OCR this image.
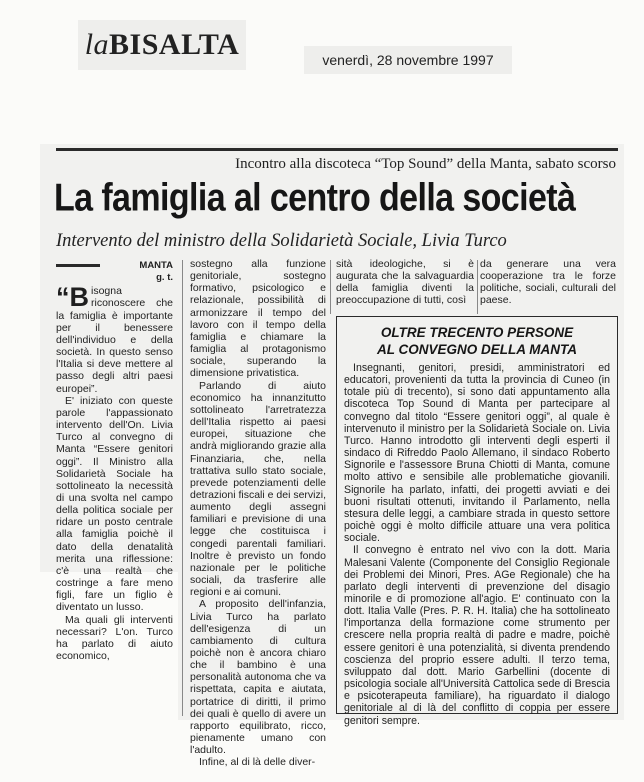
laBISALTA	venerdì, 28 novembre 1997
Incontro alla discoteca “Top Sound” della Manta, sabato scorso
La famiglia al centro della società
Intervento del ministro della Solidarietà Sociale, Livia Turco
MANTA
g. t.

“Bisogna riconoscere che la famiglia è importante per il benessere dell'individuo e della società. In questo senso l'Italia si deve mettere al passo degli altri paesi europei”.

E' iniziato con queste parole l'appassionato intervento dell'On. Livia Turco al convegno di Manta “Essere genitori oggi”. Il Ministro alla Solidarietà Sociale ha sottolineato la necessità di una svolta nel campo della politica sociale per ridare un posto centrale alla famiglia poichè il dato della denatalità merita una riflessione: c'è una realtà che costringe a fare meno figli, fare un figlio è diventato un lusso.

Ma quali gli interventi necessari? L'on. Turco ha parlato di aiuto economico,

sostegno alla funzione genitoriale, sostegno formativo, psicologico e relazionale, possibilità di armonizzare il tempo del lavoro con il tempo della famiglia e chiamare la famiglia al protagonismo sociale, superando la dimensione privatistica.

Parlando di aiuto economico ha innanzitutto sottolineato l'arretratezza dell'Italia rispetto ai paesi europei, situazione che andrà migliorando grazie alla Finanziaria, che, nella trattativa sullo stato sociale, prevede potenziamenti delle detrazioni fiscali e dei servizi, aumento degli assegni familiari e previsione di una legge che costituisca i congedi parentali familiari. Inoltre è previsto un fondo nazionale per le politiche sociali, da trasferire alle regioni e ai comuni.

A proposito dell'infanzia, Livia Turco ha parlato dell'esigenza di un cambiamento di cultura poichè non è ancora chiaro che il bambino è una personalità autonoma che va rispettata, capita e aiutata, portatrice di diritti, il primo dei quali è quello di avere un rapporto equilibrato, ricco, pienamente umano con l'adulto.

Infine, al di là delle diver-

sità ideologiche, si è augurata che la salvaguardia della famiglia diventi la preoccupazione di tutti, così

da generare una vera cooperazione tra le forze politiche, sociali, culturali del paese.

OLTRE TRECENTO PERSONE
AL CONVEGNO DELLA MANTA

Insegnanti, genitori, presidi, amministratori ed educatori, provenienti da tutta la provincia di Cuneo (in totale più di trecento), si sono dati appuntamento alla discoteca Top Sound di Manta per partecipare al convegno dal titolo “Essere genitori oggi”, al quale è intervenuto il ministro per la Solidarietà Sociale on. Livia Turco. Hanno introdotto gli interventi degli esperti il sindaco di Rifreddo Paolo Allemano, il sindaco Roberto Signorile e l'assessore Bruna Chiotti di Manta, comune molto attivo e sensibile alle problematiche giovanili. Signorile ha parlato, infatti, dei progetti avviati e dei buoni risultati ottenuti, invitando il Parlamento, nella stesura delle leggi, a cambiare strada in questo settore poichè oggi è molto difficile attuare una vera politica sociale.

Il convegno è entrato nel vivo con la dott. Maria Malesani Valente (Componente del Consiglio Regionale dei Problemi dei Minori, Pres. AGe Regionale) che ha parlato degli interventi di prevenzione del disagio minorile e di promozione all'agio. E' continuato con la dott. Italia Valle (Pres. P. R. H. Italia) che ha sottolineato l'importanza della formazione come strumento per crescere nella propria realtà di padre e madre, poichè essere genitori è una potenzialità, si diventa prendendo coscienza del proprio essere adulti. Il terzo tema, sviluppato dal dott. Mario Garbellini (docente di psicologia sociale all'Università Cattolica sede di Brescia e psicoterapeuta familiare), ha riguardato il dialogo genitoriale al di là del conflitto di coppia per essere genitori sempre.
